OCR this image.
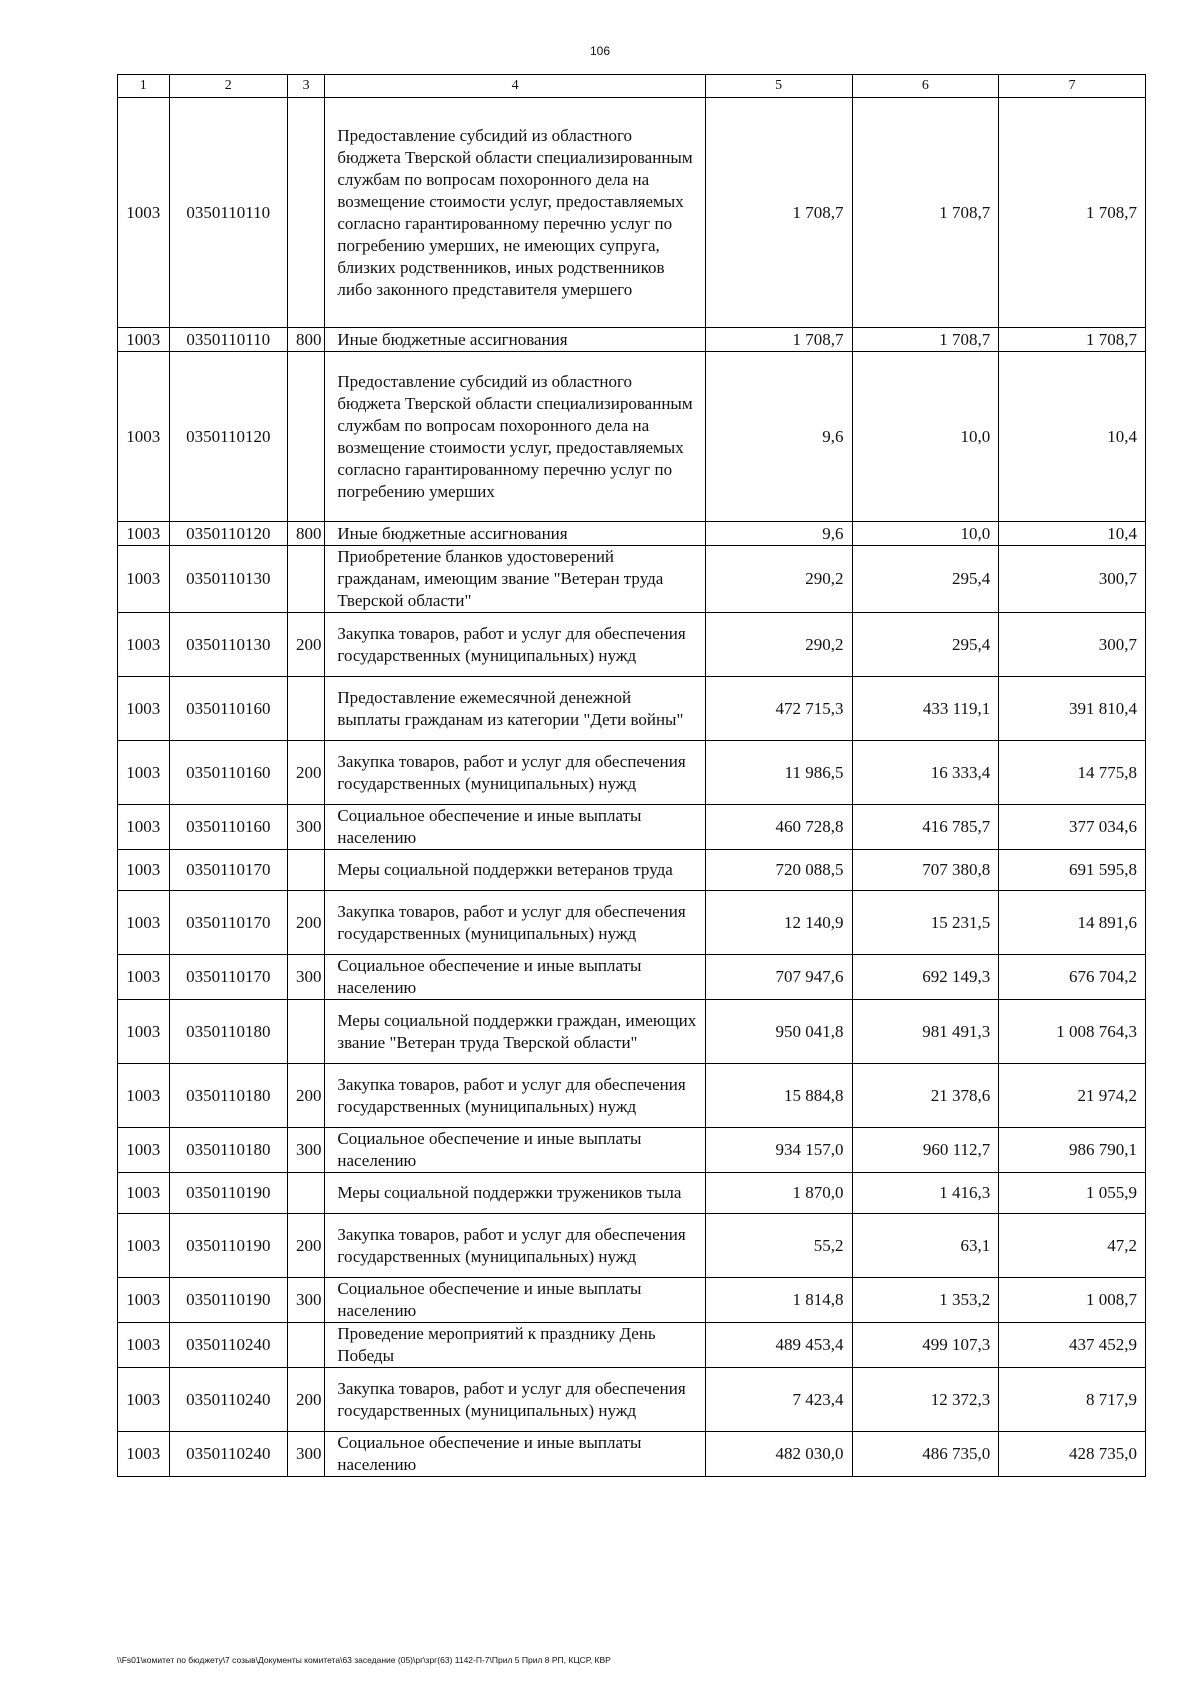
106
1	2	3	4	5	6	7
1003	0350110110		Предоставление субсидий из областного бюджета Тверской области специализированным службам по вопросам похоронного дела на возмещение стоимости услуг, предоставляемых согласно гарантированному перечню услуг по погребению умерших, не имеющих супруга, близких родственников, иных родственников либо законного представителя умершего	1 708,7	1 708,7	1 708,7
1003	0350110110	800	Иные бюджетные ассигнования	1 708,7	1 708,7	1 708,7
1003	0350110120		Предоставление субсидий из областного бюджета Тверской области специализированным службам по вопросам похоронного дела на возмещение стоимости услуг, предоставляемых согласно гарантированному перечню услуг по погребению умерших	9,6	10,0	10,4
1003	0350110120	800	Иные бюджетные ассигнования	9,6	10,0	10,4
1003	0350110130		Приобретение бланков удостоверений гражданам, имеющим звание "Ветеран труда Тверской области"	290,2	295,4	300,7
1003	0350110130	200	Закупка товаров, работ и услуг для обеспечения государственных (муниципальных) нужд	290,2	295,4	300,7
1003	0350110160		Предоставление ежемесячной денежной выплаты гражданам из категории "Дети войны"	472 715,3	433 119,1	391 810,4
1003	0350110160	200	Закупка товаров, работ и услуг для обеспечения государственных (муниципальных) нужд	11 986,5	16 333,4	14 775,8
1003	0350110160	300	Социальное обеспечение и иные выплаты населению	460 728,8	416 785,7	377 034,6
1003	0350110170		Меры социальной поддержки ветеранов труда	720 088,5	707 380,8	691 595,8
1003	0350110170	200	Закупка товаров, работ и услуг для обеспечения государственных (муниципальных) нужд	12 140,9	15 231,5	14 891,6
1003	0350110170	300	Социальное обеспечение и иные выплаты населению	707 947,6	692 149,3	676 704,2
1003	0350110180		Меры социальной поддержки граждан, имеющих звание "Ветеран труда Тверской области"	950 041,8	981 491,3	1 008 764,3
1003	0350110180	200	Закупка товаров, работ и услуг для обеспечения государственных (муниципальных) нужд	15 884,8	21 378,6	21 974,2
1003	0350110180	300	Социальное обеспечение и иные выплаты населению	934 157,0	960 112,7	986 790,1
1003	0350110190		Меры социальной поддержки тружеников тыла	1 870,0	1 416,3	1 055,9
1003	0350110190	200	Закупка товаров, работ и услуг для обеспечения государственных (муниципальных) нужд	55,2	63,1	47,2
1003	0350110190	300	Социальное обеспечение и иные выплаты населению	1 814,8	1 353,2	1 008,7
1003	0350110240		Проведение мероприятий к празднику День Победы	489 453,4	499 107,3	437 452,9
1003	0350110240	200	Закупка товаров, работ и услуг для обеспечения государственных (муниципальных) нужд	7 423,4	12 372,3	8 717,9
1003	0350110240	300	Социальное обеспечение и иные выплаты населению	482 030,0	486 735,0	428 735,0
\\Fs01\комитет по бюджету\7 созыв\Документы комитета\63 заседание (05)\рг\зрг(63) 1142-П-7\Прил 5 Прил 8 РП, КЦСР, КВР
